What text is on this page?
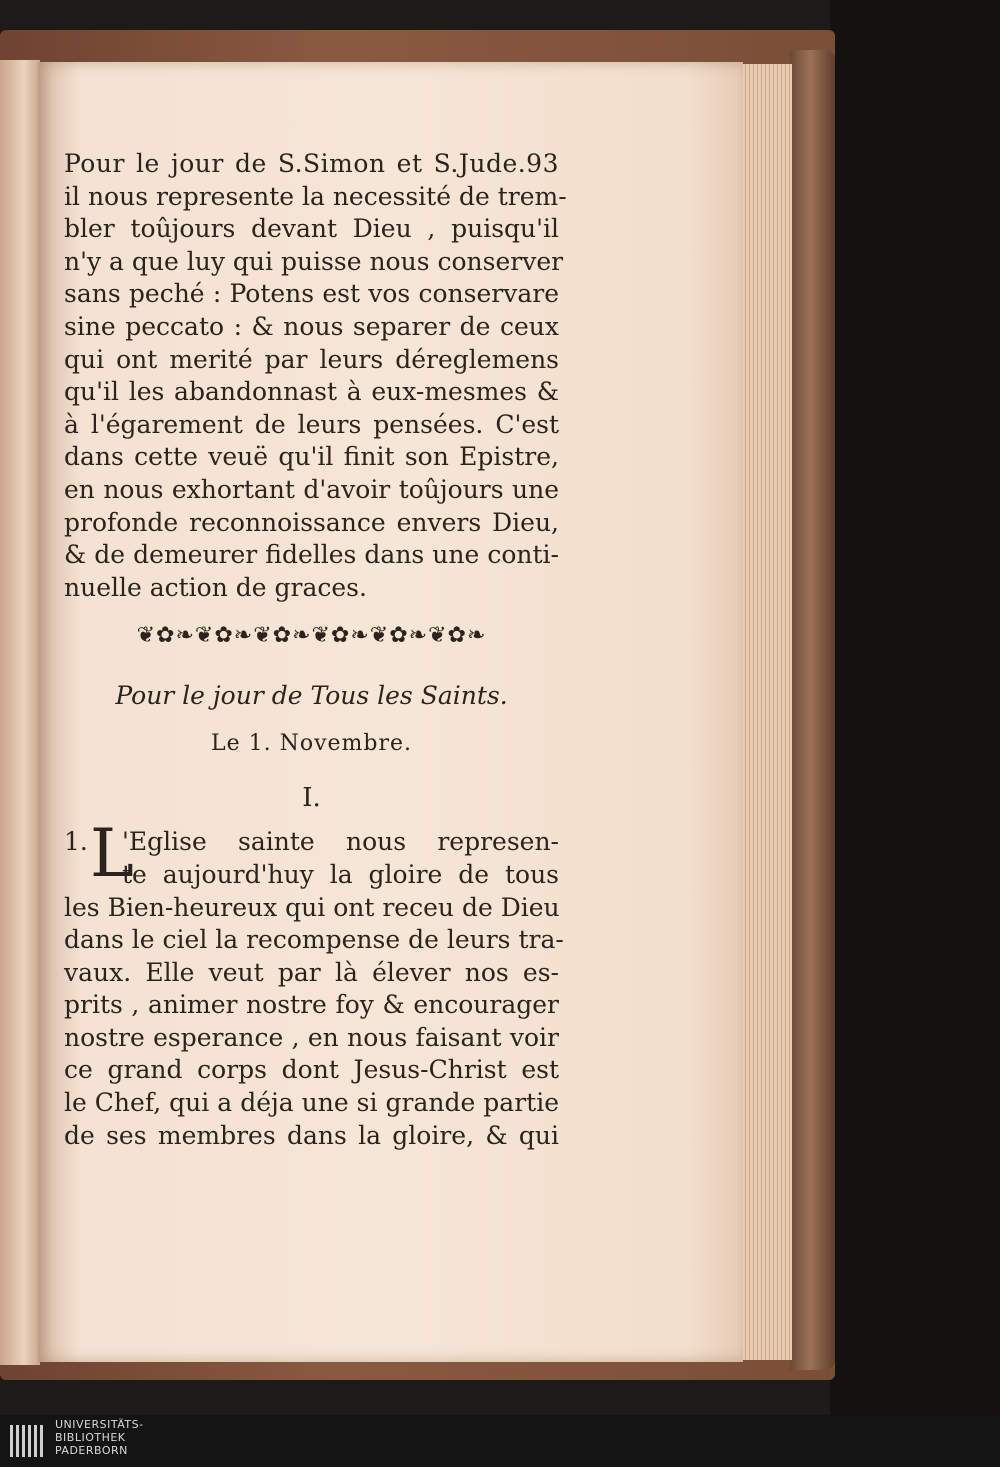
Pour le jour de S.Simon et S.Jude.93
il nous represente la necessité de trem-
bler toûjours devant Dieu , puisqu'il
n'y a que luy qui puisse nous conserver
sans peché : Potens est vos conservare
sine peccato : & nous separer de ceux
qui ont merité par leurs déreglemens
qu'il les abandonnast à eux-mesmes &
à l'égarement de leurs pensées. C'est
dans cette veuë qu'il finit son Epistre,
en nous exhortant d'avoir toûjours une
profonde reconnoissance envers Dieu,
& de demeurer fidelles dans une conti-
nuelle action de graces.
❦✿❧❦✿❧❦✿❧❦✿❧❦✿❧❦✿❧
Pour le jour de Tous les Saints.
Le 1. Novembre.
I.
1. L
'Eglise sainte nous represen-
te aujourd'huy la gloire de tous
les Bien-heureux qui ont receu de Dieu
dans le ciel la recompense de leurs tra-
vaux. Elle veut par là élever nos es-
prits , animer nostre foy & encourager
nostre esperance , en nous faisant voir
ce grand corps dont Jesus-Christ est
le Chef, qui a déja une si grande partie
de ses membres dans la gloire, & qui
UNIVERSITÄTS-
BIBLIOTHEK
PADERBORN
